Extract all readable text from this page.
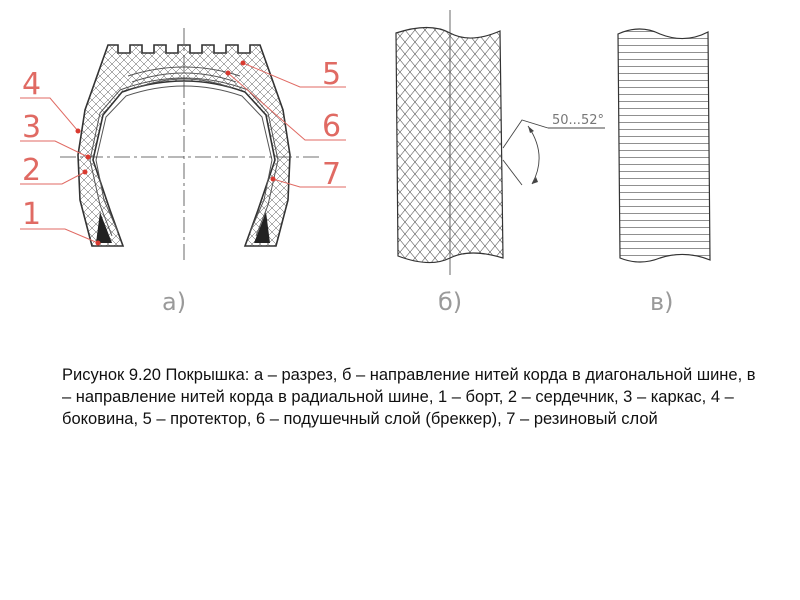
1
2
3
4	5
6
7
50...52°
а)	б)	в)

Рисунок 9.20 Покрышка: а – разрез, б – направление нитей корда в диагональной шине, в – направление нитей корда в радиальной шине, 1 – борт, 2 – сердечник, 3 – каркас, 4 – боковина, 5 – протектор, 6 – подушечный слой (бреккер), 7 – резиновый слой
